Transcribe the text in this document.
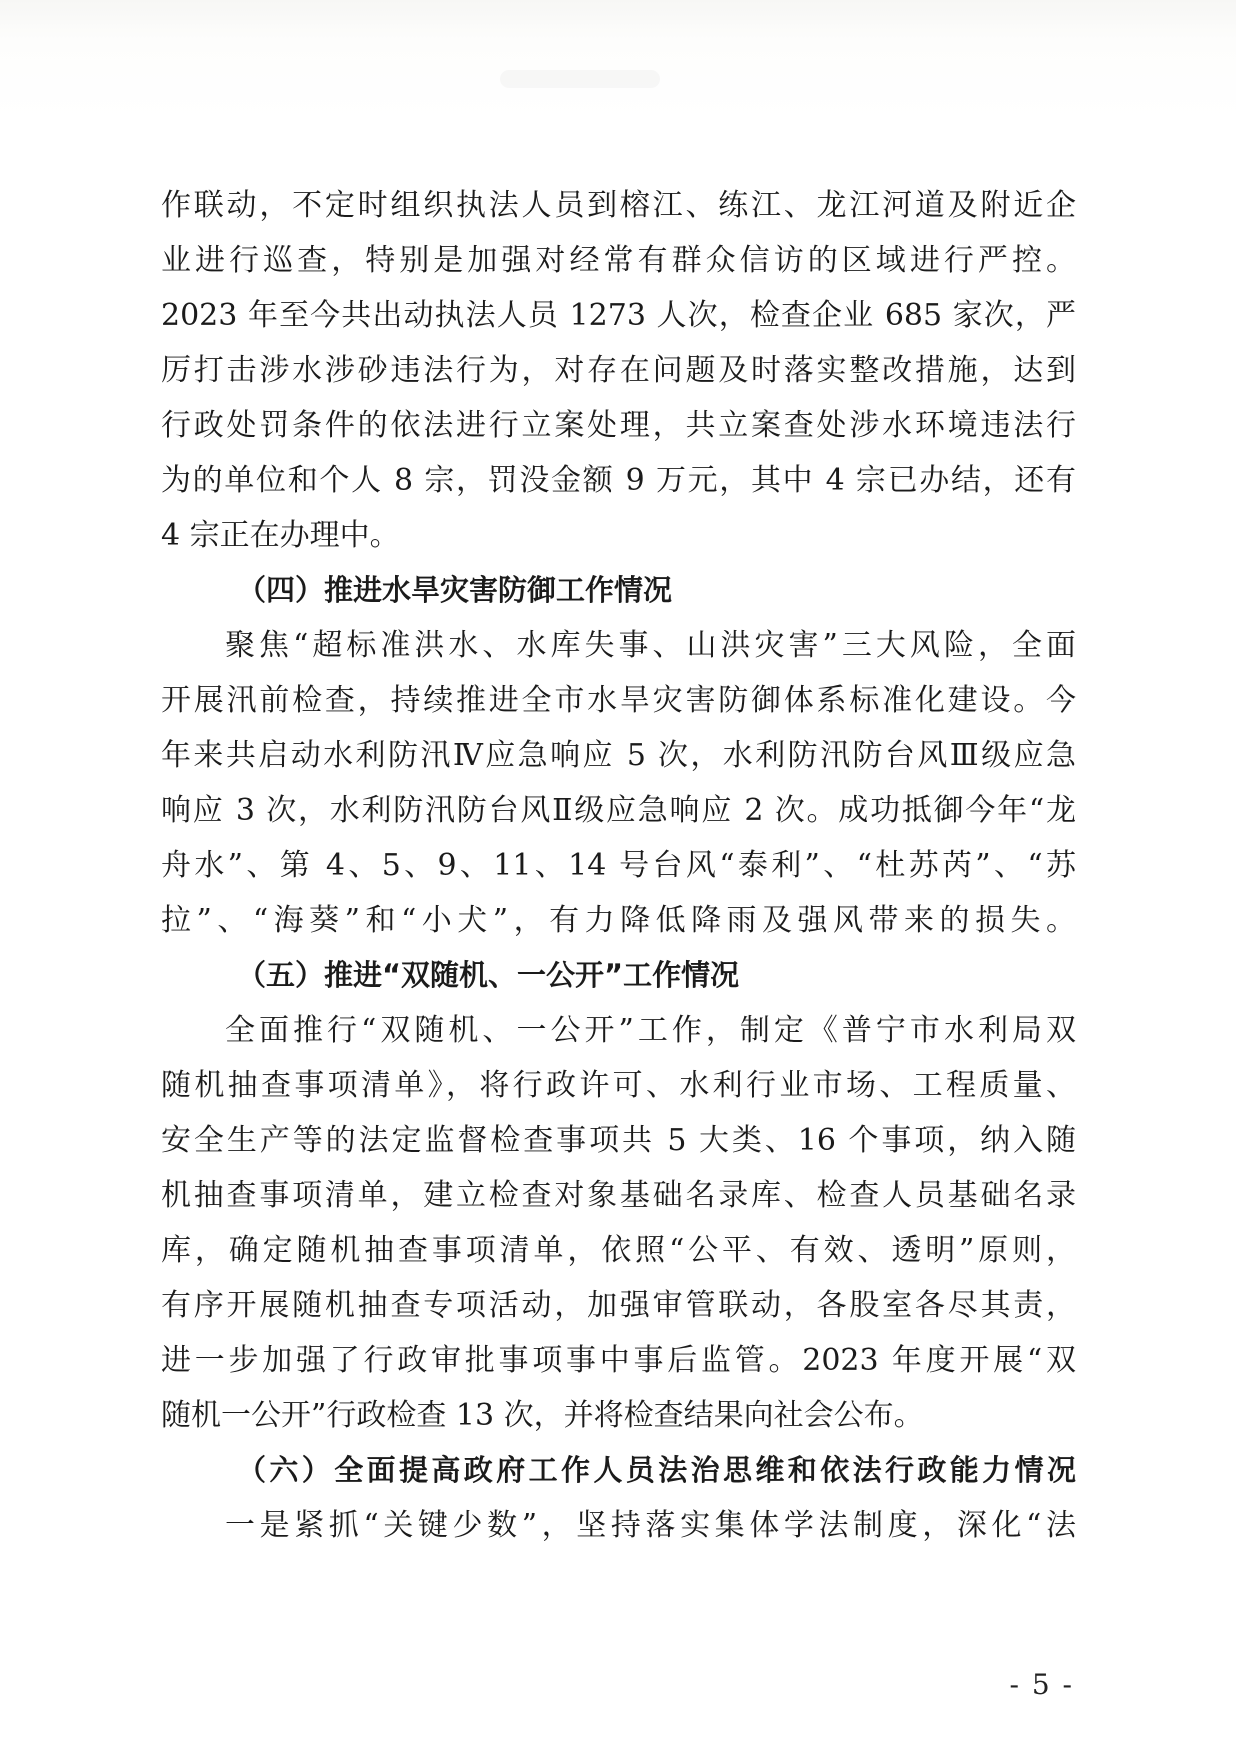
作联动，不定时组织执法人员到榕江、练江、龙江河道及附近企
业进行巡查，特别是加强对经常有群众信访的区域进行严控。
2023 年至今共出动执法人员 1273 人次，检查企业 685 家次，严
厉打击涉水涉砂违法行为，对存在问题及时落实整改措施，达到
行政处罚条件的依法进行立案处理，共立案查处涉水环境违法行
为的单位和个人 8 宗，罚没金额 9 万元，其中 4 宗已办结，还有
4 宗正在办理中。
（四）推进水旱灾害防御工作情况
聚焦“超标准洪水、水库失事、山洪灾害”三大风险，全面
开展汛前检查，持续推进全市水旱灾害防御体系标准化建设。今
年来共启动水利防汛Ⅳ应急响应 5 次，水利防汛防台风Ⅲ级应急
响应 3 次，水利防汛防台风Ⅱ级应急响应 2 次。成功抵御今年“龙
舟水”、第 4、5、9、11、14 号台风“泰利”、“杜苏芮”、“苏
拉”、“海葵”和“小犬”，有力降低降雨及强风带来的损失。
（五）推进“双随机、一公开”工作情况
全面推行“双随机、一公开”工作，制定《普宁市水利局双
随机抽查事项清单》，将行政许可、水利行业市场、工程质量、
安全生产等的法定监督检查事项共 5 大类、16 个事项，纳入随
机抽查事项清单，建立检查对象基础名录库、检查人员基础名录
库，确定随机抽查事项清单，依照“公平、有效、透明”原则，
有序开展随机抽查专项活动，加强审管联动，各股室各尽其责，
进一步加强了行政审批事项事中事后监管。2023 年度开展“双
随机一公开”行政检查 13 次，并将检查结果向社会公布。
（六）全面提高政府工作人员法治思维和依法行政能力情况
一是紧抓“关键少数”，坚持落实集体学法制度，深化“法
- 5 -
